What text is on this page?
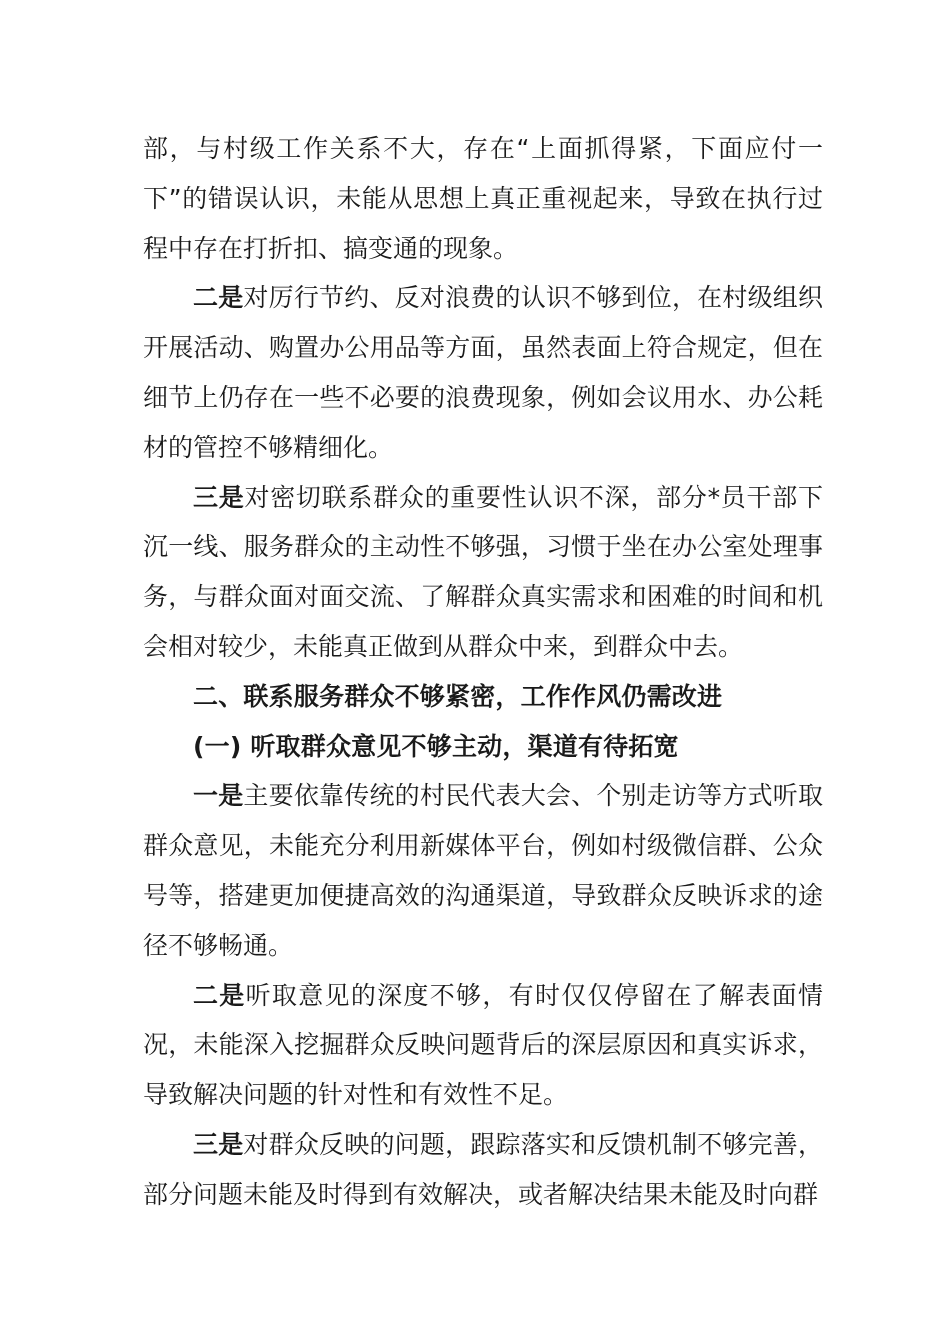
部，与村级工作关系不大，存在“上面抓得紧，下面应付一下”的错误认识，未能从思想上真正重视起来，导致在执行过程中存在打折扣、搞变通的现象。

二是对厉行节约、反对浪费的认识不够到位，在村级组织开展活动、购置办公用品等方面，虽然表面上符合规定，但在细节上仍存在一些不必要的浪费现象，例如会议用水、办公耗材的管控不够精细化。

三是对密切联系群众的重要性认识不深，部分*员干部下沉一线、服务群众的主动性不够强，习惯于坐在办公室处理事务，与群众面对面交流、了解群众真实需求和困难的时间和机会相对较少，未能真正做到从群众中来，到群众中去。

二、联系服务群众不够紧密，工作作风仍需改进

(一) 听取群众意见不够主动，渠道有待拓宽

一是主要依靠传统的村民代表大会、个别走访等方式听取群众意见，未能充分利用新媒体平台，例如村级微信群、公众号等，搭建更加便捷高效的沟通渠道，导致群众反映诉求的途径不够畅通。

二是听取意见的深度不够，有时仅仅停留在了解表面情况，未能深入挖掘群众反映问题背后的深层原因和真实诉求，导致解决问题的针对性和有效性不足。

三是对群众反映的问题，跟踪落实和反馈机制不够完善，部分问题未能及时得到有效解决，或者解决结果未能及时向群
